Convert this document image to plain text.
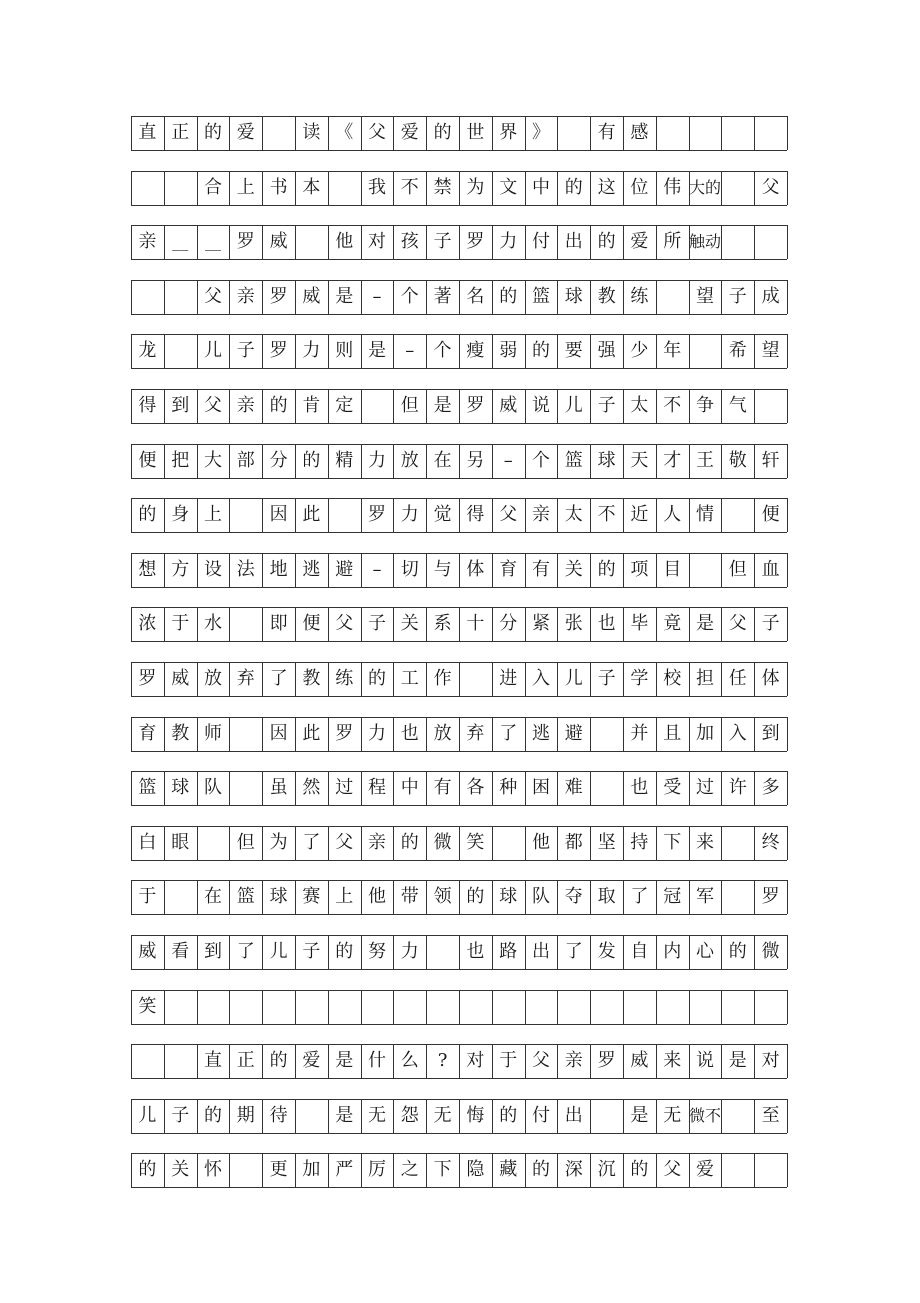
直 正 的 爱	读 《 父 爱 的 世 界 》	有 感
合 上 书 本	我 不 禁 为 文 中 的 这 位 伟 大的	父
亲 __	__ 罗 威	他 对 孩 子 罗 力 付 出 的 爱 所 触动
父 亲 罗 威 是	–	个 著 名 的 篮 球 教 练	望 子 成
龙	儿 子 罗 力 则 是	–	个 瘦 弱 的 要 强 少 年	希 望
得 到 父 亲 的 肯 定	但 是 罗 威 说 儿 子 太 不 争 气
便 把 大 部 分 的 精 力 放 在 另	–	个 篮 球 天 才 王 敬 轩
的 身 上	因 此	罗 力 觉 得 父 亲 太 不 近 人 情	便
想 方 设 法 地 逃 避	–	切 与 体 育 有 关 的 项 目	但 血
浓 于 水	即 便 父 子 关 系 十 分 紧 张 也 毕 竟 是 父 子
罗 威 放 弃 了 教 练 的 工 作	进 入 儿 子 学 校 担 任 体
育 教 师	因 此 罗 力 也 放 弃 了 逃 避	并 且 加 入 到
篮 球 队	虽 然 过 程 中 有 各 种 困 难	也 受 过 许 多
白 眼	但 为 了 父 亲 的 微 笑	他 都 坚 持 下 来	终
于	在 篮 球 赛 上 他 带 领 的 球 队 夺 取 了 冠 军	罗
威 看 到 了 儿 子 的 努 力	也 路 出 了 发 自 内 心 的 微
笑
直 正 的 爱 是 什 么	?	对 于 父 亲 罗 威 来 说 是 对
儿 子 的 期 待	是 无 怨 无 悔 的 付 出	是 无 微不	至
的 关 怀	更 加 严 厉 之 下 隐 藏 的 深 沉 的 父 爱
